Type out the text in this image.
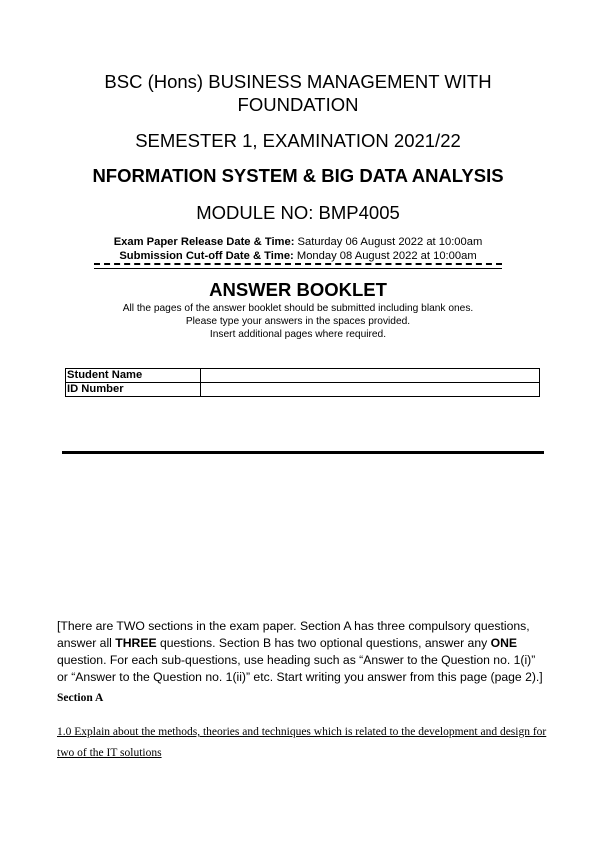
BSC (Hons) BUSINESS MANAGEMENT WITH
FOUNDATION
SEMESTER 1, EXAMINATION 2021/22
NFORMATION SYSTEM & BIG DATA ANALYSIS
MODULE NO: BMP4005
Exam Paper Release Date & Time: Saturday 06 August 2022 at 10:00am
Submission Cut-off Date & Time: Monday 08 August 2022 at 10:00am
ANSWER BOOKLET
All the pages of the answer booklet should be submitted including blank ones.
Please type your answers in the spaces provided.
Insert additional pages where required.
Student Name	
ID Number	
[There are TWO sections in the exam paper. Section A has three compulsory questions, answer all THREE questions. Section B has two optional questions, answer any ONE question. For each sub-questions, use heading such as “Answer to the Question no. 1(i)” or “Answer to the Question no. 1(ii)” etc. Start writing you answer from this page (page 2).]
Section A
1.0 Explain about the methods, theories and techniques which is related to the development and design for two of the IT solutions
